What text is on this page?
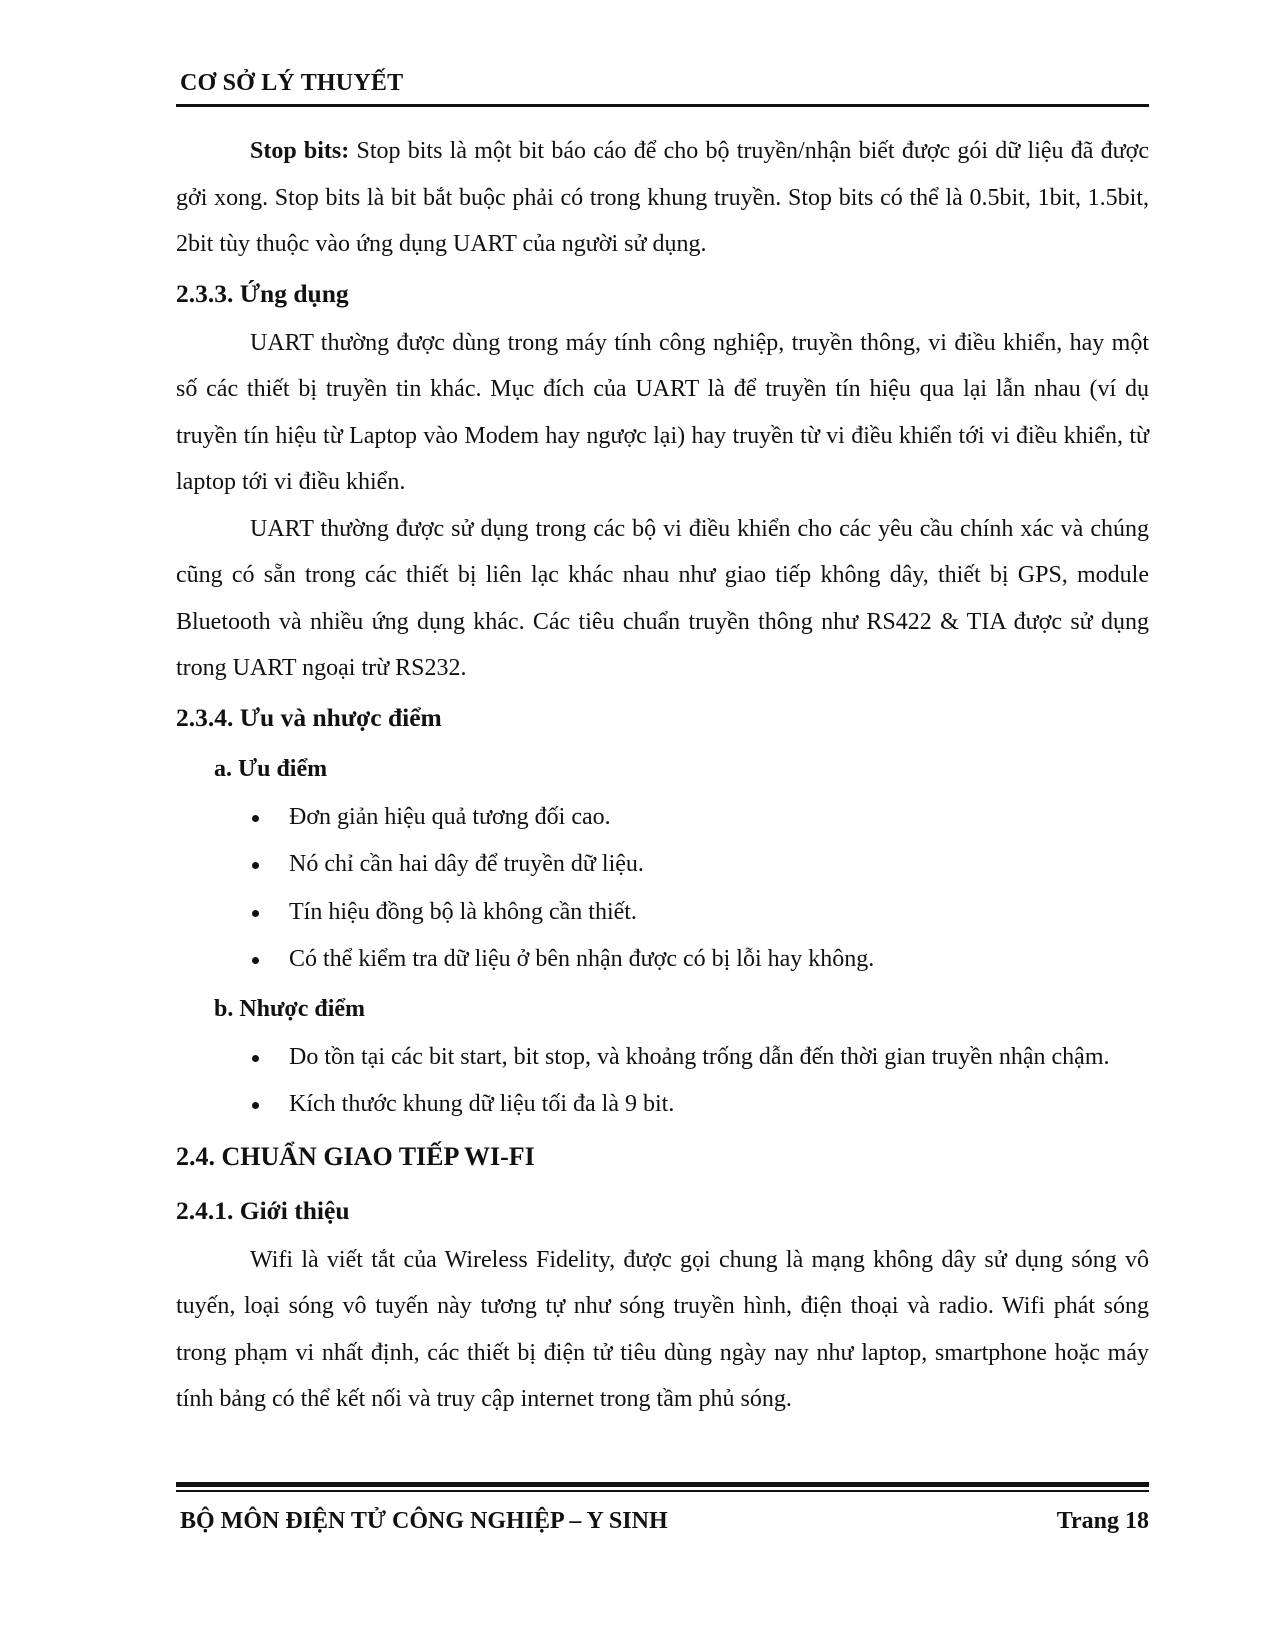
CƠ SỞ LÝ THUYẾT

Stop bits: Stop bits là một bit báo cáo để cho bộ truyền/nhận biết được gói dữ liệu đã được gởi xong. Stop bits là bit bắt buộc phải có trong khung truyền. Stop bits có thể là 0.5bit, 1bit, 1.5bit, 2bit tùy thuộc vào ứng dụng UART của người sử dụng.

2.3.3. Ứng dụng

UART thường được dùng trong máy tính công nghiệp, truyền thông, vi điều khiển, hay một số các thiết bị truyền tin khác. Mục đích của UART là để truyền tín hiệu qua lại lẫn nhau (ví dụ truyền tín hiệu từ Laptop vào Modem hay ngược lại) hay truyền từ vi điều khiển tới vi điều khiển, từ laptop tới vi điều khiển.

UART thường được sử dụng trong các bộ vi điều khiển cho các yêu cầu chính xác và chúng cũng có sẵn trong các thiết bị liên lạc khác nhau như giao tiếp không dây, thiết bị GPS, module Bluetooth và nhiều ứng dụng khác. Các tiêu chuẩn truyền thông như RS422 & TIA được sử dụng trong UART ngoại trừ RS232.

2.3.4. Ưu và nhược điểm
a. Ưu điểm
Đơn giản hiệu quả tương đối cao.
Nó chỉ cần hai dây để truyền dữ liệu.
Tín hiệu đồng bộ là không cần thiết.
Có thể kiểm tra dữ liệu ở bên nhận được có bị lỗi hay không.
b. Nhược điểm
Do tồn tại các bit start, bit stop, và khoảng trống dẫn đến thời gian truyền nhận chậm.
Kích thước khung dữ liệu tối đa là 9 bit.
2.4. CHUẨN GIAO TIẾP WI-FI
2.4.1. Giới thiệu

Wifi là viết tắt của Wireless Fidelity, được gọi chung là mạng không dây sử dụng sóng vô tuyến, loại sóng vô tuyến này tương tự như sóng truyền hình, điện thoại và radio. Wifi phát sóng trong phạm vi nhất định, các thiết bị điện tử tiêu dùng ngày nay như laptop, smartphone hoặc máy tính bảng có thể kết nối và truy cập internet trong tầm phủ sóng.

BỘ MÔN ĐIỆN TỬ CÔNG NGHIỆP – Y SINH	Trang 18
